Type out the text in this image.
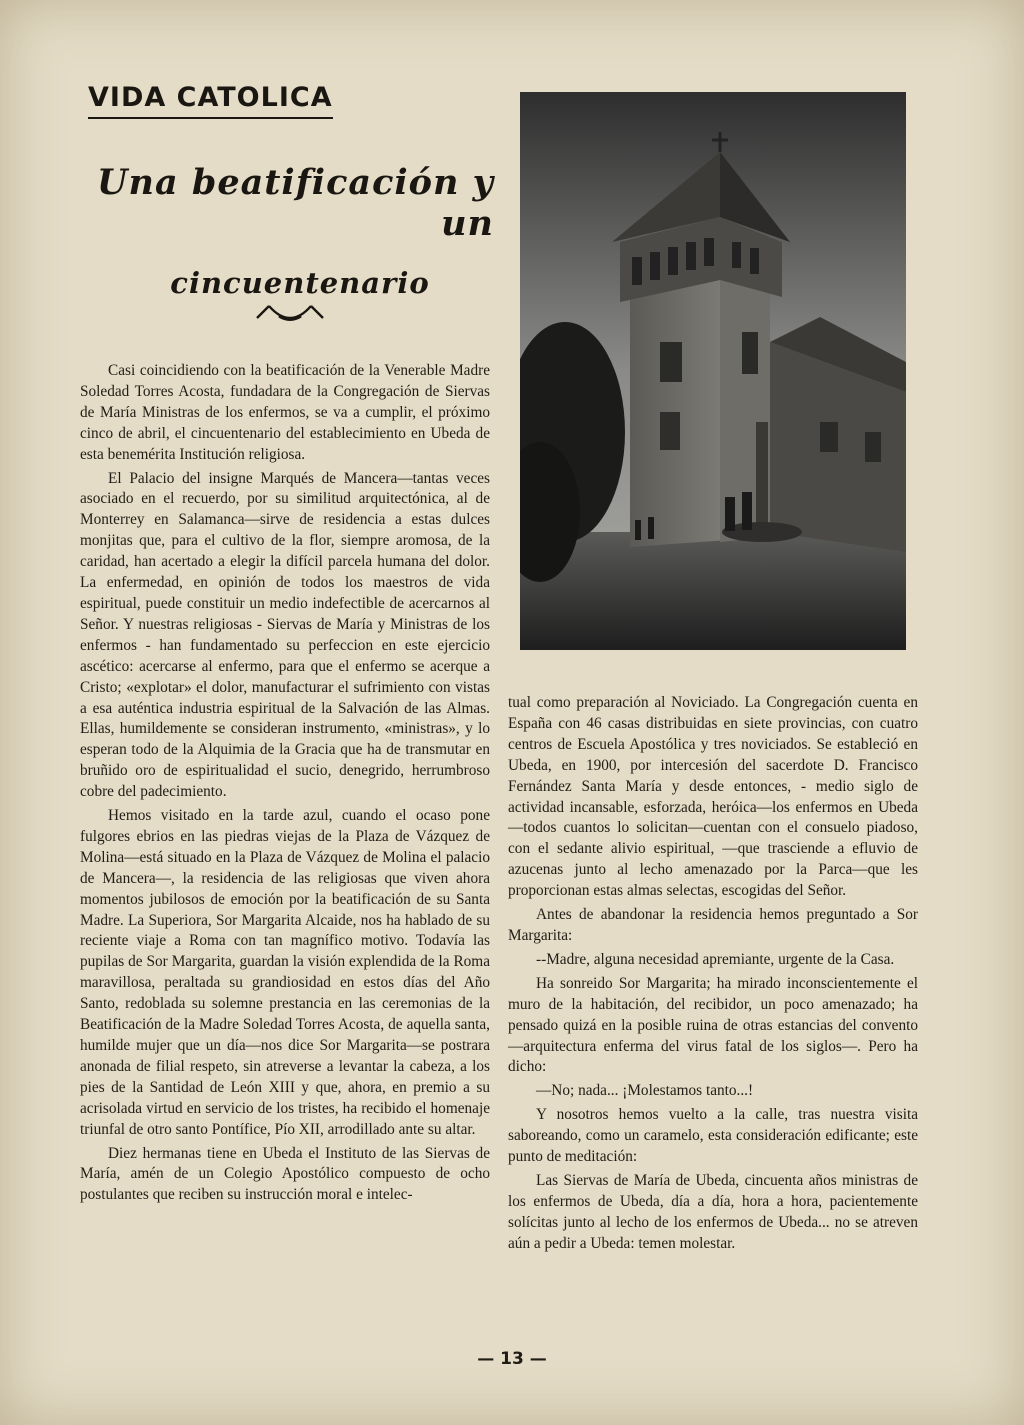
VIDA CATOLICA
Una beatificación y un
cincuentenario

Casi coincidiendo con la beatificación de la Venerable Madre Soledad Torres Acosta, fundadara de la Congregación de Siervas de María Ministras de los enfermos, se va a cumplir, el próximo cinco de abril, el cincuentenario del establecimiento en Ubeda de esta benemérita Institución religiosa.

El Palacio del insigne Marqués de Mancera—tantas veces asociado en el recuerdo, por su similitud arquitectónica, al de Monterrey en Salamanca—sirve de residencia a estas dulces monjitas que, para el cultivo de la flor, siempre aromosa, de la caridad, han acertado a elegir la difícil parcela humana del dolor. La enfermedad, en opinión de todos los maestros de vida espiritual, puede constituir un medio indefectible de acercarnos al Señor. Y nuestras religiosas - Siervas de María y Ministras de los enfermos - han fundamentado su perfeccion en este ejercicio ascético: acercarse al enfermo, para que el enfermo se acerque a Cristo; «explotar» el dolor, manufacturar el sufrimiento con vistas a esa auténtica industria espiritual de la Salvación de las Almas. Ellas, humildemente se consideran instrumento, «ministras», y lo esperan todo de la Alquimia de la Gracia que ha de transmutar en bruñido oro de espiritualidad el sucio, denegrido, herrumbroso cobre del padecimiento.

Hemos visitado en la tarde azul, cuando el ocaso pone fulgores ebrios en las piedras viejas de la Plaza de Vázquez de Molina—está situado en la Plaza de Vázquez de Molina el palacio de Mancera—, la residencia de las religiosas que viven ahora momentos jubilosos de emoción por la beatificación de su Santa Madre. La Superiora, Sor Margarita Alcaide, nos ha hablado de su reciente viaje a Roma con tan magnífico motivo. Todavía las pupilas de Sor Margarita, guardan la visión explendida de la Roma maravillosa, peraltada su grandiosidad en estos días del Año Santo, redoblada su solemne prestancia en las ceremonias de la Beatificación de la Madre Soledad Torres Acosta, de aquella santa, humilde mujer que un día—nos dice Sor Margarita—se postrara anonada de filial respeto, sin atreverse a levantar la cabeza, a los pies de la Santidad de León XIII y que, ahora, en premio a su acrisolada virtud en servicio de los tristes, ha recibido el homenaje triunfal de otro santo Pontífice, Pío XII, arrodillado ante su altar.

Diez hermanas tiene en Ubeda el Instituto de las Siervas de María, amén de un Colegio Apostólico compuesto de ocho postulantes que reciben su instrucción moral e intelec-

tual como preparación al Noviciado. La Congregación cuenta en España con 46 casas distribuidas en siete provincias, con cuatro centros de Escuela Apostólica y tres noviciados. Se estableció en Ubeda, en 1900, por intercesión del sacerdote D. Francisco Fernández Santa María y desde entonces, - medio siglo de actividad incansable, esforzada, heróica—los enfermos en Ubeda—todos cuantos lo solicitan—cuentan con el consuelo piadoso, con el sedante alivio espiritual, —que trasciende a efluvio de azucenas junto al lecho amenazado por la Parca—que les proporcionan estas almas selectas, escogidas del Señor.

Antes de abandonar la residencia hemos preguntado a Sor Margarita:

--Madre, alguna necesidad apremiante, urgente de la Casa.

Ha sonreido Sor Margarita; ha mirado inconscientemente el muro de la habitación, del recibidor, un poco amenazado; ha pensado quizá en la posible ruina de otras estancias del convento —arquitectura enferma del virus fatal de los siglos—. Pero ha dicho:

—No; nada... ¡Molestamos tanto...!

Y nosotros hemos vuelto a la calle, tras nuestra visita saboreando, como un caramelo, esta consideración edificante; este punto de meditación:

Las Siervas de María de Ubeda, cincuenta años ministras de los enfermos de Ubeda, día a día, hora a hora, pacientemente solícitas junto al lecho de los enfermos de Ubeda... no se atreven aún a pedir a Ubeda: temen molestar.

— 13 —
